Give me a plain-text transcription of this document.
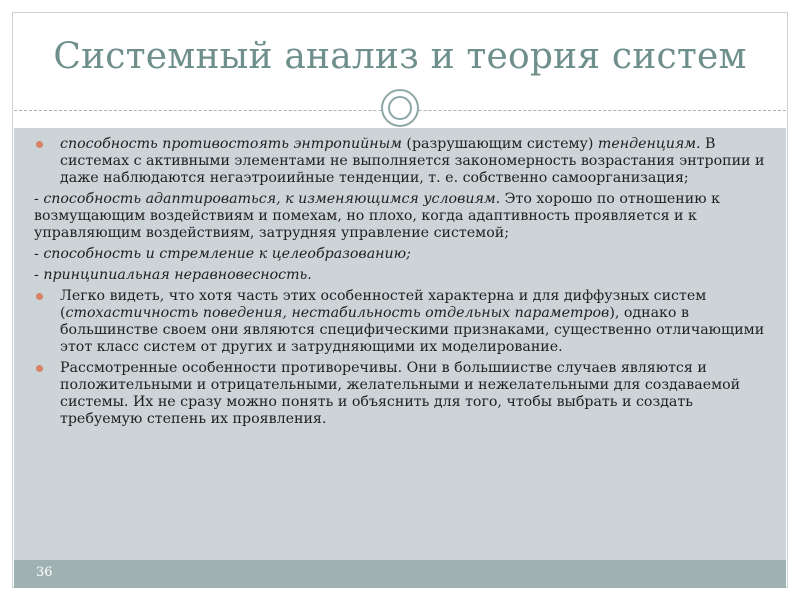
Системный анализ и теория систем

способность противостоять энтропийным (разрушающим систему) тенденциям. В системах с активными элементами не выполняется закономерность возрастания энтропии и даже наблюдаются негаэтроиийные тенденции, т. е. собственно самоорганизация;

- способность адаптироваться, к изменяющимся условиям. Это хорошо по отношению к возмущающим воздействиям и помехам, но плохо, когда адаптивность проявляется и к управляющим воздействиям, затрудняя управление системой;

- способность и стремление к целеобразованию;

- принципиальная неравновесность.

Легко видеть, что хотя часть этих особенностей характерна и для диффузных систем (стохастичность поведения, нестабильность отдельных параметров), однако в большинстве своем они являются специфическими признаками, существенно отличающими этот класс систем от других и затрудняющими их моделирование.

Рассмотренные особенности противоречивы. Они в большиистве случаев являются и положительными и отрицательными, желательными и нежелательными для создаваемой системы. Их не сразу можно понять и объяснить для того, чтобы выбрать и создать требуемую степень их проявления.

36
